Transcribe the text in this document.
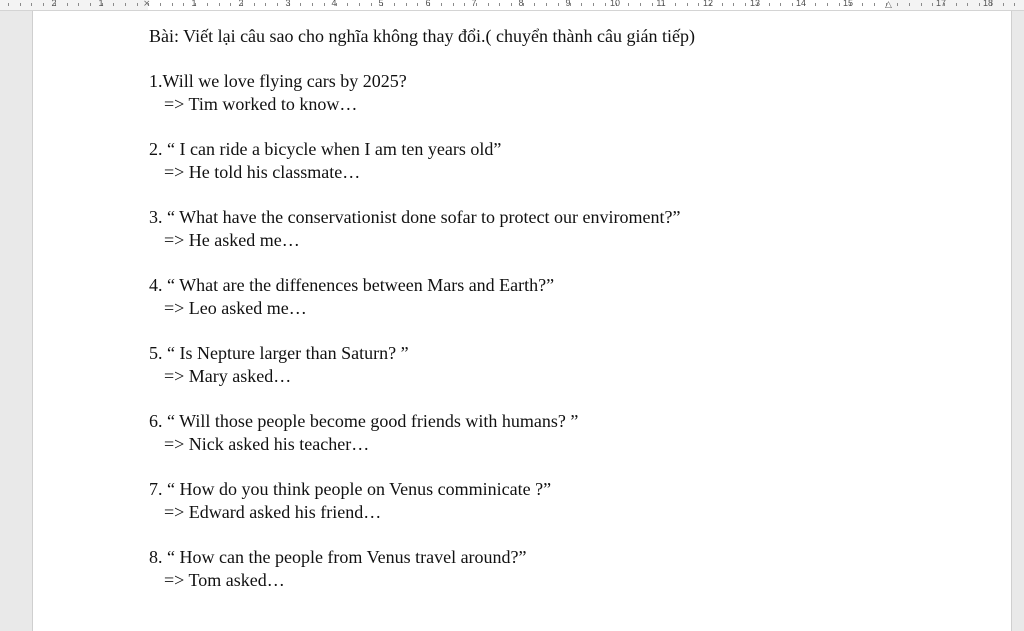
2	1	1	2	3	4	5	6	7	8	9	10	11	12	13	14	15	17	18
⨯	△
Bài: Viết lại câu sao cho nghĩa không thay đổi.( chuyển thành câu gián tiếp)
1.Will we love flying cars by 2025?
=> Tim worked to know…
2. “ I can ride a bicycle when I am ten years old”
=> He told his classmate…
3. “ What have the conservationist done sofar to protect our enviroment?”
=> He asked me…
4. “ What are the diffenences between Mars and Earth?”
=> Leo asked me…
5. “ Is Nepture larger than Saturn? ”
=> Mary asked…
6. “ Will those people become good friends with humans? ”
=> Nick asked his teacher…
7. “ How do you think people on Venus comminicate ?”
=> Edward asked his friend…
8. “ How can the people from Venus travel around?”
=> Tom asked…
